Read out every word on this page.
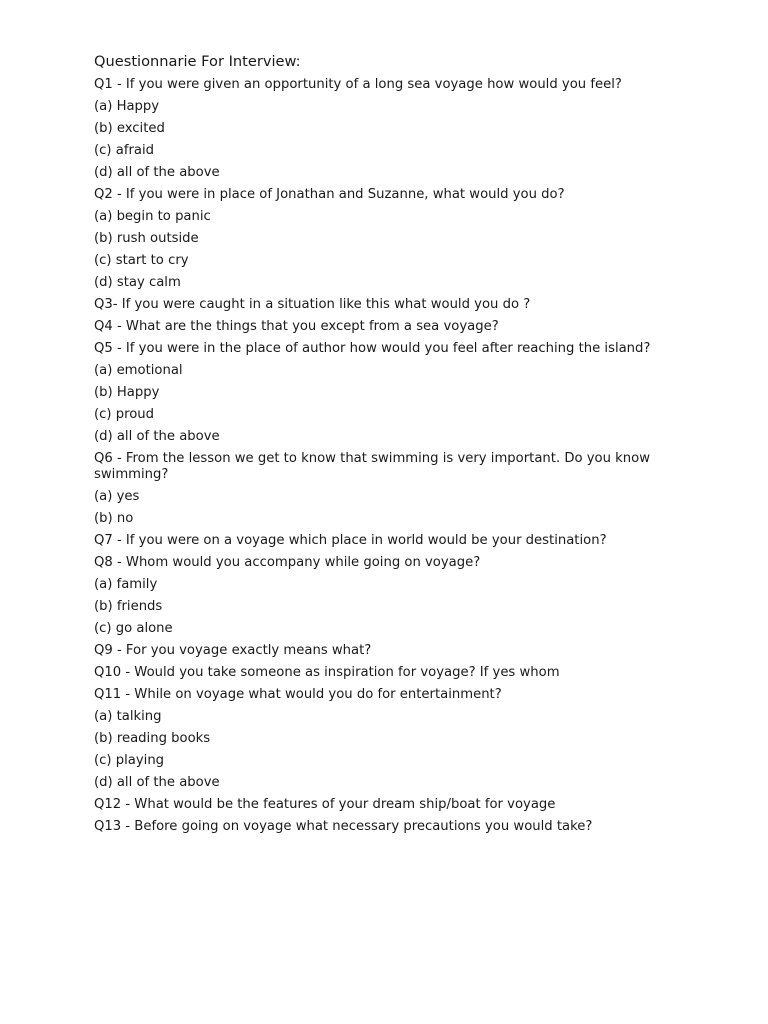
Questionnarie For Interview:
Q1 - If you were given an opportunity of a long sea voyage how would you feel?
(a) Happy
(b) excited
(c) afraid
(d) all of the above
Q2 - If you were in place of Jonathan and Suzanne, what would you do?
(a) begin to panic
(b) rush outside
(c) start to cry
(d) stay calm
Q3- If you were caught in a situation like this what would you do ?
Q4 - What are the things that you except from a sea voyage?
Q5 - If you were in the place of author how would you feel after reaching the island?
(a) emotional
(b) Happy
(c) proud
(d) all of the above
Q6 - From the lesson we get to know that swimming is very important. Do you know swimming?
(a) yes
(b) no
Q7 - If you were on a voyage which place in world would be your destination?
Q8 - Whom would you accompany while going on voyage?
(a) family
(b) friends
(c) go alone
Q9 - For you voyage exactly means what?
Q10 - Would you take someone as inspiration for voyage? If yes whom
Q11 - While on voyage what would you do for entertainment?
(a) talking
(b) reading books
(c) playing
(d) all of the above
Q12 - What would be the features of your dream ship/boat for voyage
Q13 - Before going on voyage what necessary precautions you would take?
